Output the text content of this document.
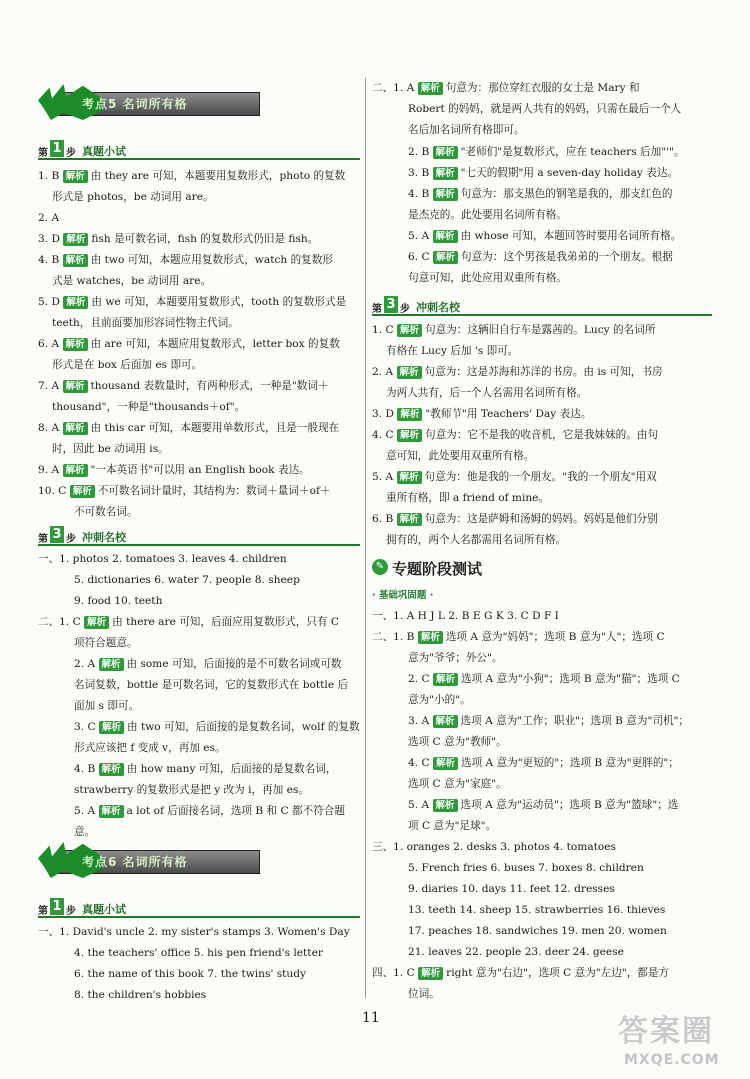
考点5 名词所有格
第 1 步 真题小试
1. B 解析 由 they are 可知，本题要用复数形式，photo 的复数
形式是 photos，be 动词用 are。
2. A
3. D 解析 fish 是可数名词，fish 的复数形式仍旧是 fish。
4. B 解析 由 two 可知，本题应用复数形式，watch 的复数形
式是 watches，be 动词用 are。
5. D 解析 由 we 可知，本题要用复数形式，tooth 的复数形式是
teeth，且前面要加形容词性物主代词。
6. A 解析 由 are 可知，本题应用复数形式，letter box 的复数
形式是在 box 后面加 es 即可。
7. A 解析 thousand 表数量时，有两种形式，一种是"数词＋
thousand"，一种是"thousands＋of"。
8. A 解析 由 this car 可知，本题要用单数形式，且是一般现在
时，因此 be 动词用 is。
9. A 解析 "一本英语书"可以用 an English book 表达。
10. C 解析 不可数名词计量时，其结构为：数词＋量词＋of＋
不可数名词。
第 3 步 冲刺名校
一、1. photos 2. tomatoes 3. leaves 4. children
5. dictionaries 6. water 7. people 8. sheep
9. food 10. teeth
二、1. C 解析 由 there are 可知，后面应用复数形式，只有 C
项符合题意。
2. A 解析 由 some 可知，后面接的是不可数名词或可数
名词复数，bottle 是可数名词，它的复数形式在 bottle 后
面加 s 即可。
3. C 解析 由 two 可知，后面接的是复数名词，wolf 的复数
形式应该把 f 变成 v，再加 es。
4. B 解析 由 how many 可知，后面接的是复数名词，
strawberry 的复数形式是把 y 改为 i，再加 es。
5. A 解析 a lot of 后面接名词，选项 B 和 C 都不符合题
意。
考点6 名词所有格
第 1 步 真题小试
一、1. David's uncle 2. my sister's stamps 3. Women's Day
4. the teachers' office 5. his pen friend's letter
6. the name of this book 7. the twins' study
8. the children's hobbies
二、1. A 解析 句意为：那位穿红衣服的女士是 Mary 和
Robert 的妈妈，就是两人共有的妈妈，只需在最后一个人
名后加名词所有格即可。
2. B 解析 "老师们"是复数形式，应在 teachers 后加"'"。
3. B 解析 "七天的假期"用 a seven-day holiday 表达。
4. B 解析 句意为：那支黑色的钢笔是我的，那支红色的
是杰克的。此处要用名词所有格。
5. A 解析 由 whose 可知，本题回答时要用名词所有格。
6. C 解析 句意为：这个男孩是我弟弟的一个朋友。根据
句意可知，此处应用双重所有格。
第 3 步 冲刺名校
1. C 解析 句意为：这辆旧自行车是露茜的。Lucy 的名词所
有格在 Lucy 后加 's 即可。
2. A 解析 句意为：这是苏海和苏洋的书房。由 is 可知，书房
为两人共有，后一个人名需用名词所有格。
3. D 解析 "教师节"用 Teachers' Day 表达。
4. C 解析 句意为：它不是我的收音机，它是我妹妹的。由句
意可知，此处要用双重所有格。
5. A 解析 句意为：他是我的一个朋友。"我的一个朋友"用双
重所有格，即 a friend of mine。
6. B 解析 句意为：这是萨姆和汤姆的妈妈。妈妈是他们分别
拥有的，两个人名都需用名词所有格。
✎ 专题阶段测试
· 基础巩固题 ·
一、1. A H J L 2. B E G K 3. C D F I
二、1. B 解析 选项 A 意为"妈妈"；选项 B 意为"人"；选项 C
意为"爷爷；外公"。
2. C 解析 选项 A 意为"小狗"；选项 B 意为"猫"；选项 C
意为"小的"。
3. A 解析 选项 A 意为"工作；职业"；选项 B 意为"司机"；
选项 C 意为"教师"。
4. C 解析 选项 A 意为"更短的"；选项 B 意为"更胖的"；
选项 C 意为"家庭"。
5. A 解析 选项 A 意为"运动员"；选项 B 意为"篮球"；选
项 C 意为"足球"。
三、1. oranges 2. desks 3. photos 4. tomatoes
5. French fries 6. buses 7. boxes 8. children
9. diaries 10. days 11. feet 12. dresses
13. teeth 14. sheep 15. strawberries 16. thieves
17. peaches 18. sandwiches 19. men 20. women
21. leaves 22. people 23. deer 24. geese
四、1. C 解析 right 意为"右边"，选项 C 意为"左边"，都是方
位词。
11	答案圈
MXQE.COM
